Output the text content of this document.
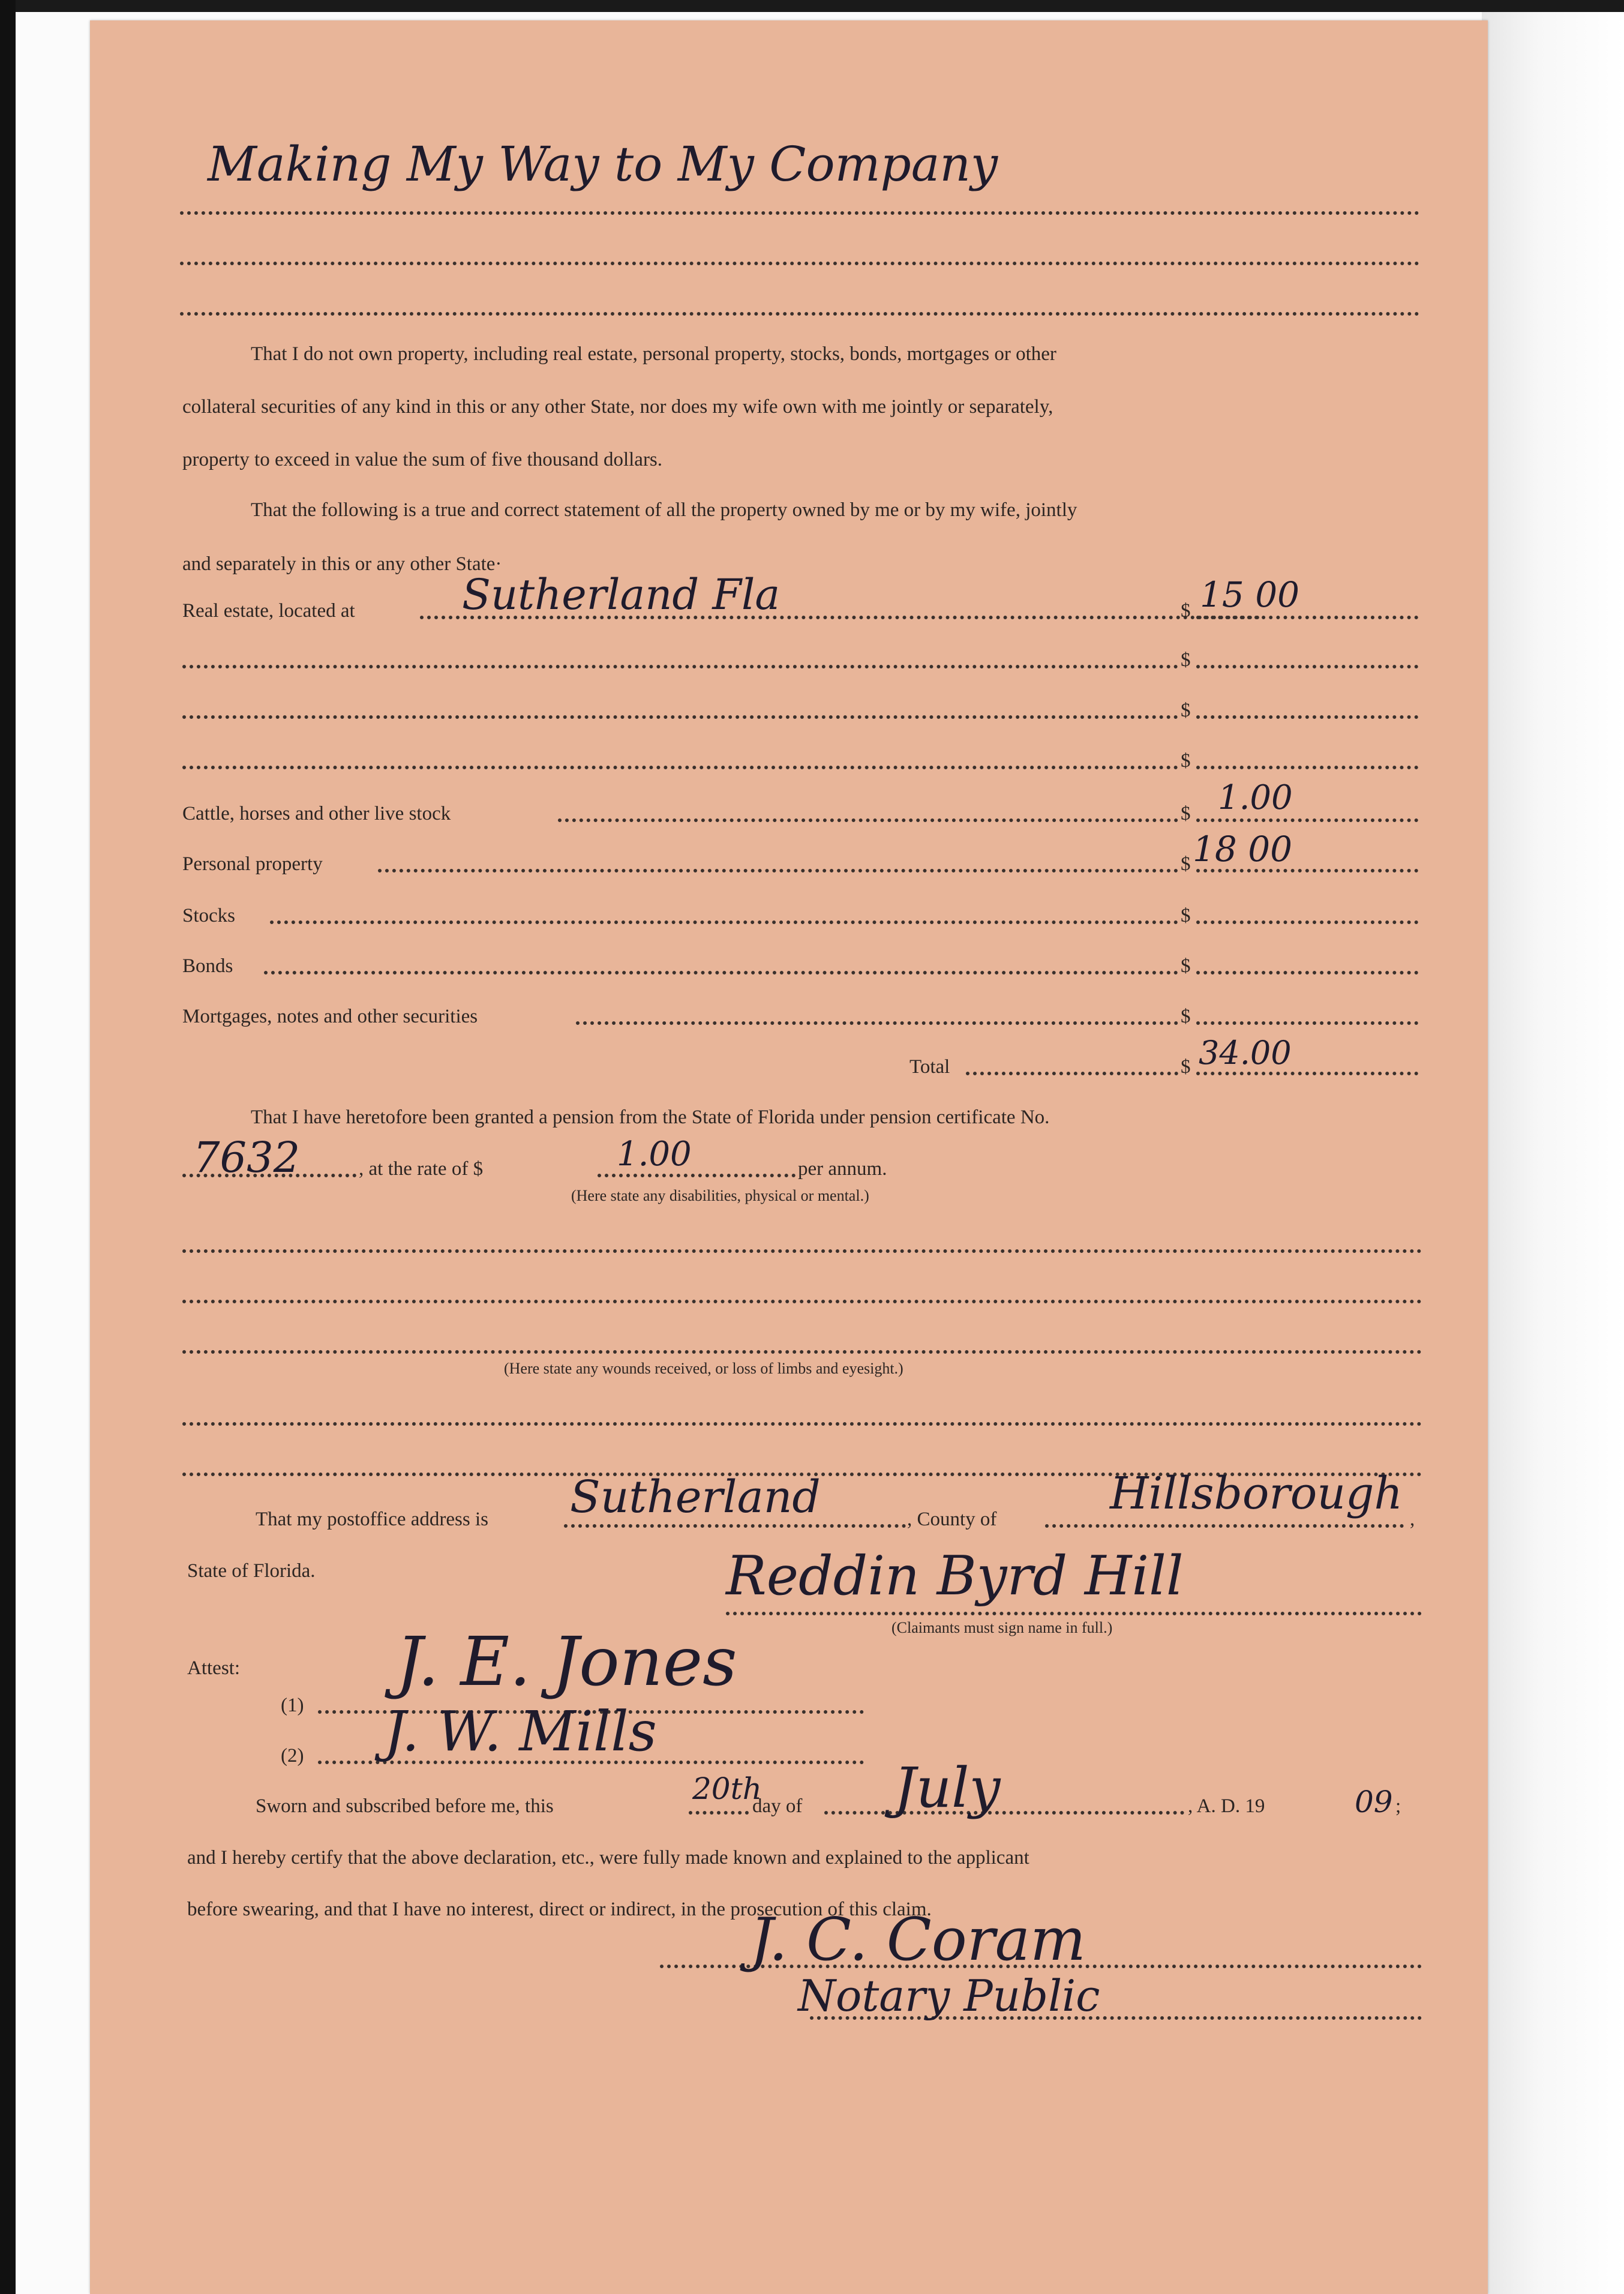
Making My Way to My Company
That I do not own property, including real estate, personal property, stocks, bonds, mortgages or other
collateral securities of any kind in this or any other State, nor does my wife own with me jointly or separately,
property to exceed in value the sum of five thousand dollars.
That the following is a true and correct statement of all the property owned by me or by my wife, jointly
and separately in this or any other State·
Real estate, located at	Sutherland Fla	$ 15 00
$
$
$
Cattle, horses and other live stock	$ 1.00
Personal property	$ 18 00
Stocks	$
Bonds	$
Mortgages, notes and other securities	$
Total	$ 34.00
That I have heretofore been granted a pension from the State of Florida under pension certificate No.
7632	, at the rate of $	1.00	per annum.
(Here state any disabilities, physical or mental.)
(Here state any wounds received, or loss of limbs and eyesight.)
That my postoffice address is Sutherland	, County of	Hillsborough ,
State of Florida.	Reddin Byrd Hill
(Claimants must sign name in full.)
Attest:
(1)
J. E. Jones
(2) J. W. Mills
Sworn and subscribed before me, this	20th
day of July	, A. D. 19	09 ;
and I hereby certify that the above declaration, etc., were fully made known and explained to the applicant
before swearing, and that I have no interest, direct or indirect, in the prosecution of this claim.
J. C. Coram
Notary Public
